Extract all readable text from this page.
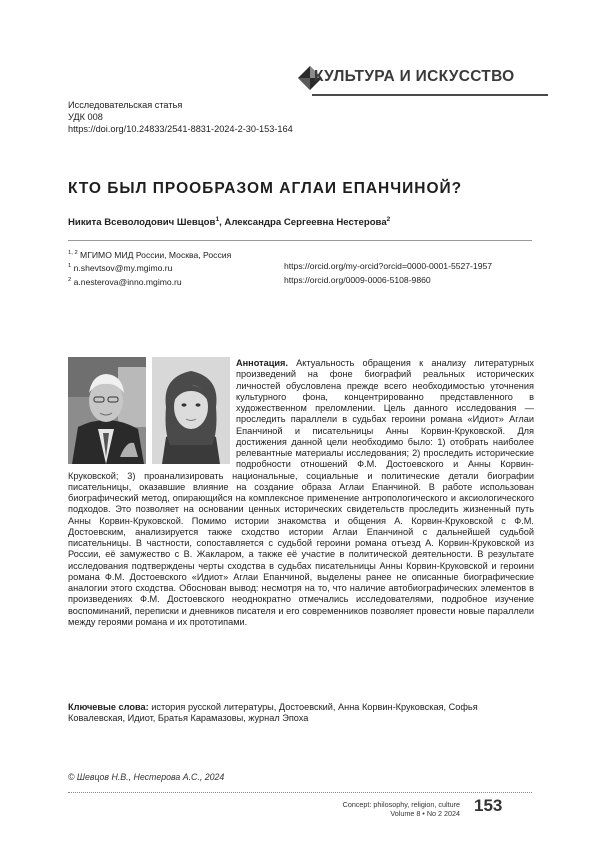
КУЛЬТУРА И ИСКУССТВО
Исследовательская статья
УДК 008
https://doi.org/10.24833/2541-8831-2024-2-30-153-164
КТО БЫЛ ПРООБРАЗОМ АГЛАИ ЕПАНЧИНОЙ?
Никита Всеволодович Шевцов$^1$, Александра Сергеевна Нестерова$^2$
$^{1, 2}$ МГИМО МИД России, Москва, Россия
$^1$ n.shevtsov@my.mgimo.ru	https://orcid.org/my-orcid?orcid=0000-0001-5527-1957
$^2$ a.nesterova@inno.mgimo.ru	https://orcid.org/0009-0006-5108-9860
Аннотация. Актуальность обращения к анализу литературных произведений на фоне биографий реальных исторических личностей обусловлена прежде всего необходимостью уточнения культурного фона, концентрированно представленного в художественном преломлении. Цель данного исследования — проследить параллели в судьбах героини романа «Идиот» Аглаи Епанчиной и писательницы Анны Корвин-Круковской. Для достижения данной цели необходимо было: 1) отобрать наиболее релевантные материалы исследования; 2) проследить исторические подробности отношений Ф.М. Достоевского и Анны Корвин-Круковской; 3) проанализировать национальные, социальные и политические детали биографии писательницы, оказавшие влияние на создание образа Аглаи Епанчиной. В работе использован биографический метод, опирающийся на комплексное применение антропологического и аксиологического подходов. Это позволяет на основании ценных исторических свидетельств проследить жизненный путь Анны Корвин-Круковской. Помимо истории знакомства и общения А. Корвин-Круковской с Ф.М. Достоевским, анализируется также сходство истории Аглаи Епанчиной с дальнейшей судьбой писательницы. В частности, сопоставляется с судьбой героини романа отъезд А. Корвин-Круковской из России, её замужество с В. Жакларом, а также её участие в политической деятельности. В результате исследования подтверждены черты сходства в судьбах писательницы Анны Корвин-Круковской и героини романа Ф.М. Достоевского «Идиот» Аглаи Епанчиной, выделены ранее не описанные биографические аналогии этого сходства. Обоснован вывод: несмотря на то, что наличие автобиографических элементов в произведениях Ф.М. Достоевского неоднократно отмечались исследователями, подробное изучение воспоминаний, переписки и дневников писателя и его современников позволяет провести новые параллели между героями романа и их прототипами.
Ключевые слова: история русской литературы, Достоевский, Анна Корвин-Круковская, Софья Ковалевская, Идиот, Братья Карамазовы, журнал Эпоха
© Шевцов Н.В., Нестерова А.С., 2024
Concept: philosophy, religion, culture
Volume 8 • No 2 2024 153
